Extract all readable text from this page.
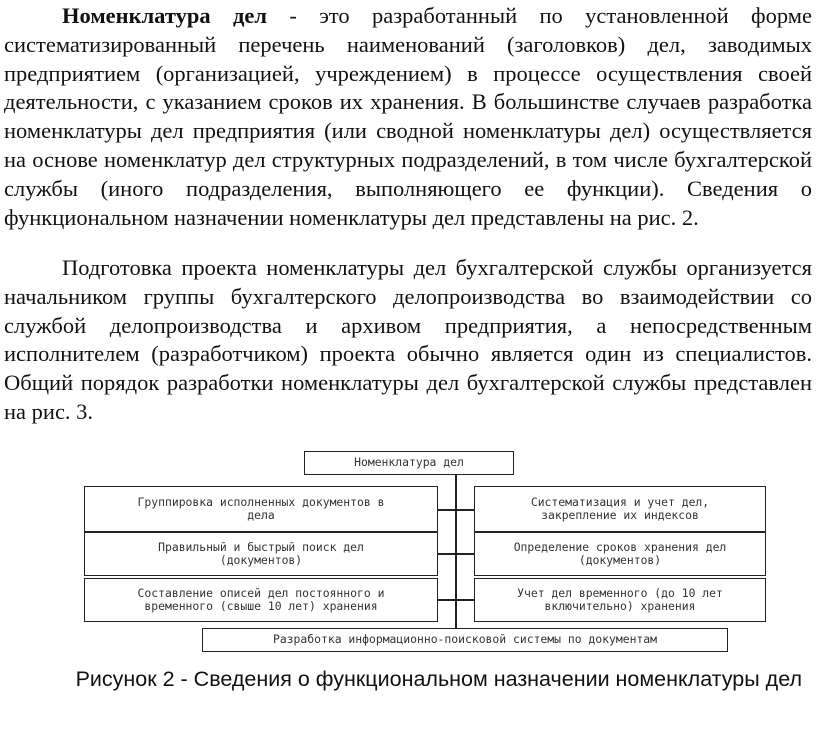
Номенклатура дел - это разработанный по установленной форме систематизированный перечень наименований (заголовков) дел, заводимых предприятием (организацией, учреждением) в процессе осуществления своей деятельности, с указанием сроков их хранения. В большинстве случаев разработка номенклатуры дел предприятия (или сводной номенклатуры дел) осуществляется на основе номенклатур дел структурных подразделений, в том числе бухгалтерской службы (иного подразделения, выполняющего ее функции). Сведения о функциональном назначении номенклатуры дел представлены на рис. 2.
Подготовка проекта номенклатуры дел бухгалтерской службы организуется начальником группы бухгалтерского делопроизводства во взаимодействии со службой делопроизводства и архивом предприятия, а непосредственным исполнителем (разработчиком) проекта обычно является один из специалистов. Общий порядок разработки номенклатуры дел бухгалтерской службы представлен на рис. 3.
Номенклатура дел
Группировка исполненных документов в
дела
Систематизация и учет дел,
закрепление их индексов
Правильный и быстрый поиск дел
(документов)
Определение сроков хранения дел
(документов)
Составление описей дел постоянного и
временного (свыше 10 лет) хранения
Учет дел временного (до 10 лет
включительно) хранения
Разработка информационно-поисковой системы по документам
Рисунок 2 - Сведения о функциональном назначении номенклатуры дел
